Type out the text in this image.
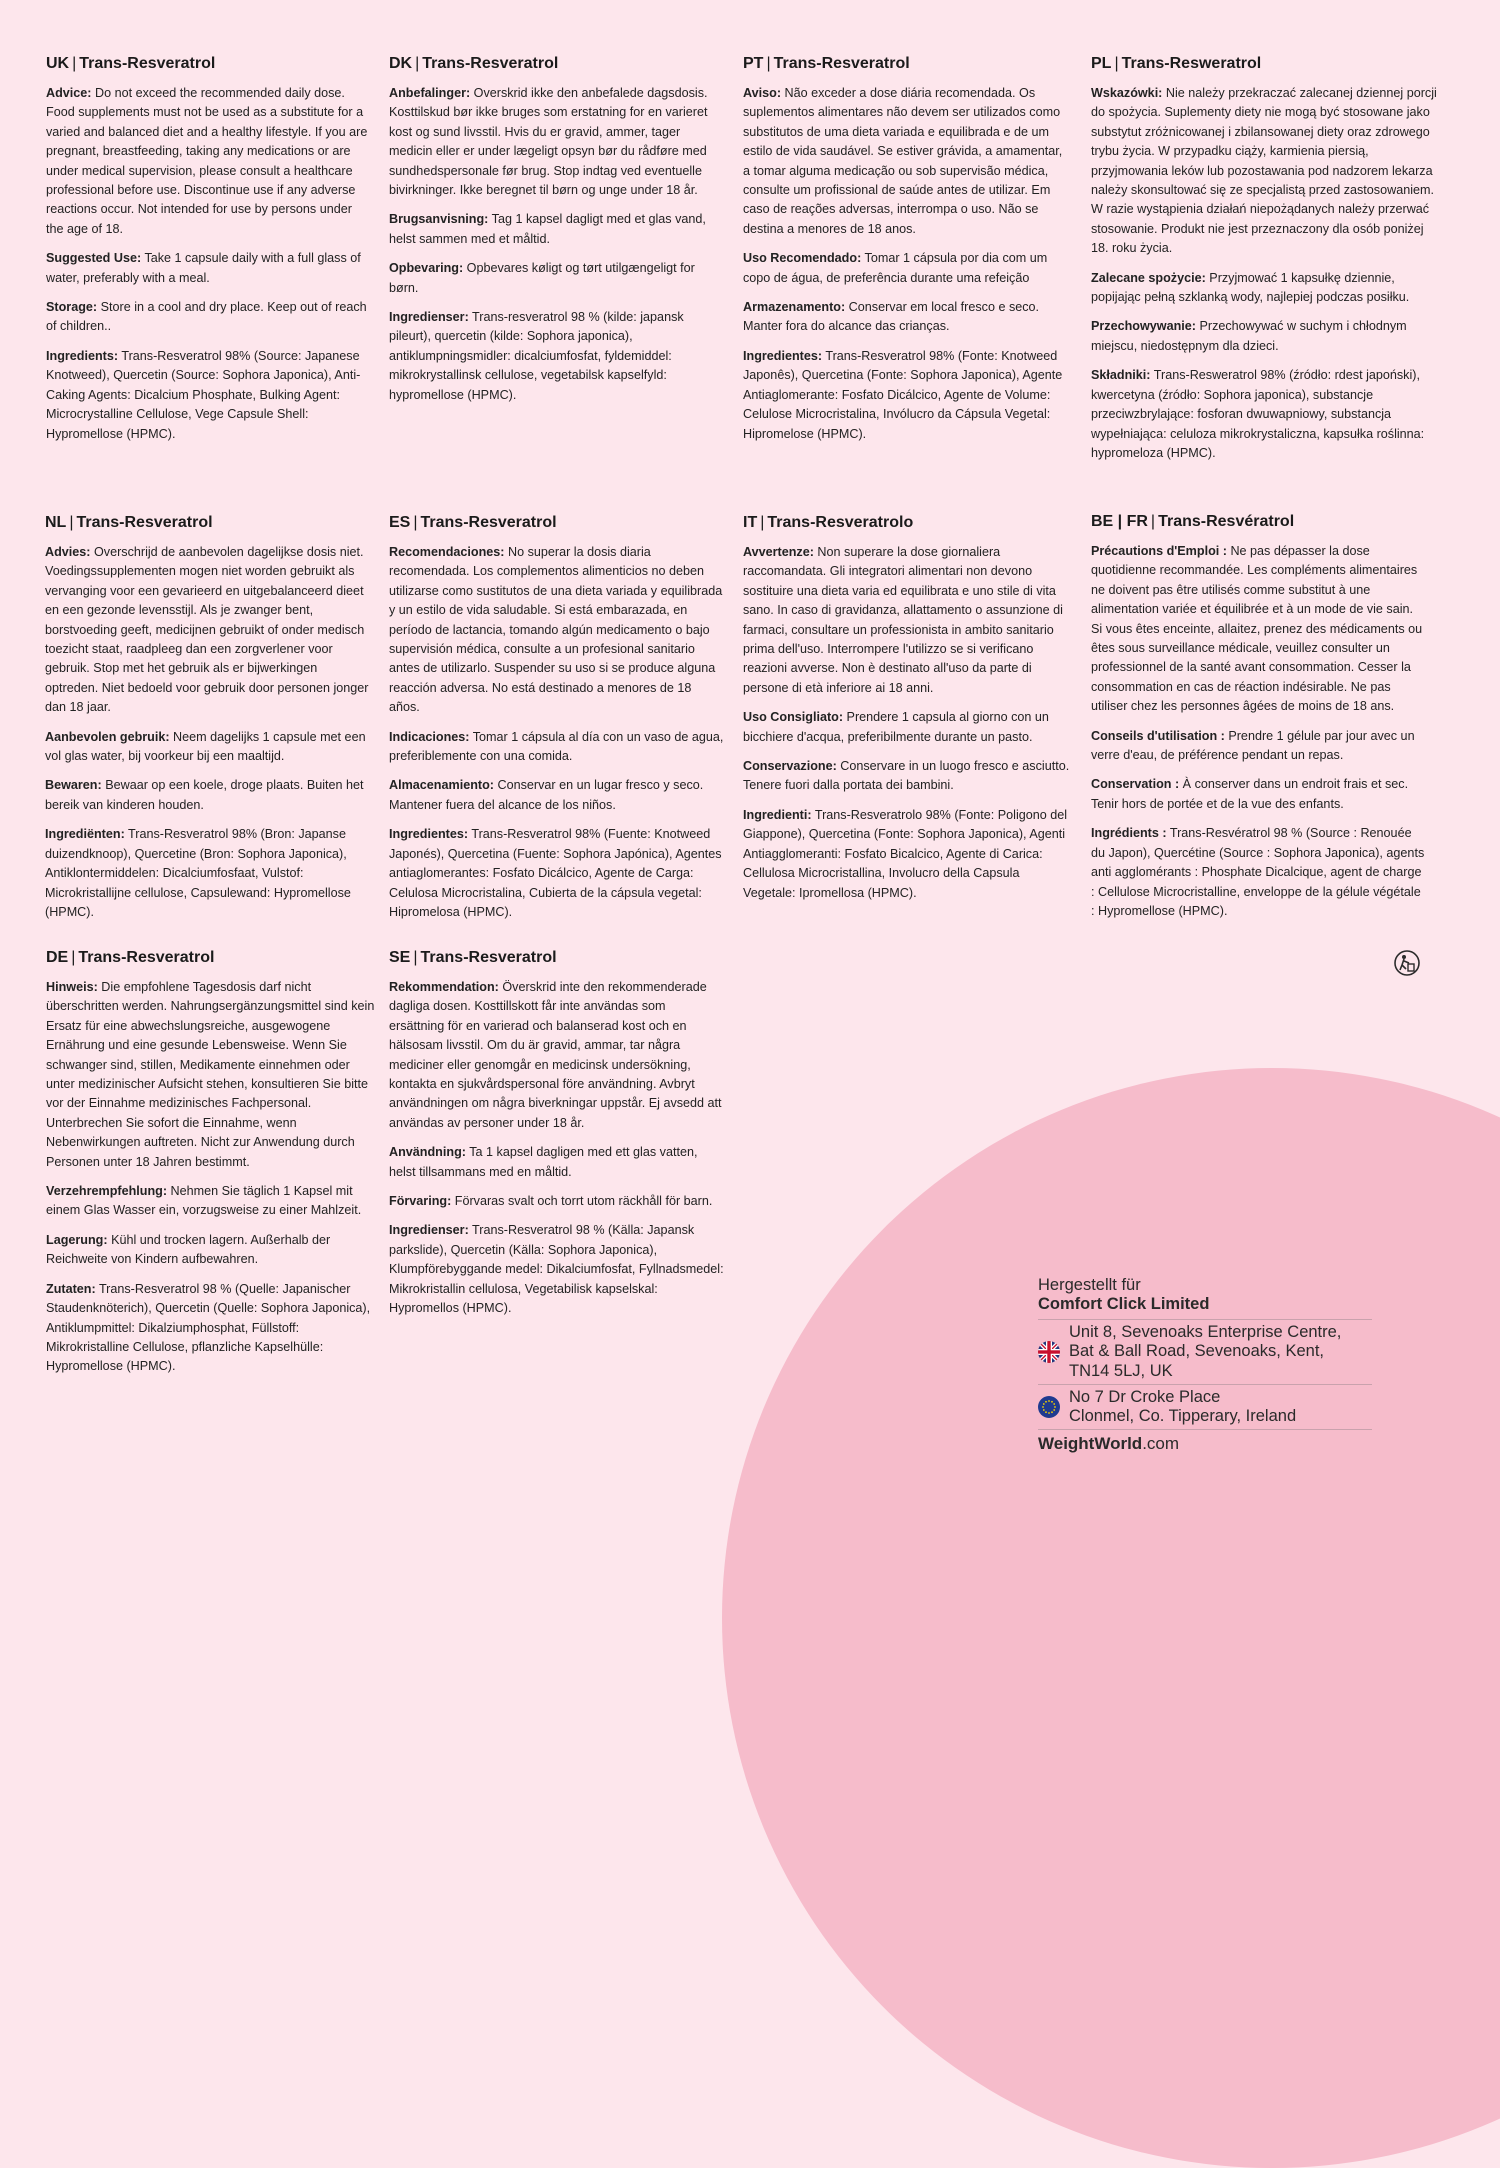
UK | Trans-Resveratrol

Advice: Do not exceed the recommended daily dose. Food supplements must not be used as a substitute for a varied and balanced diet and a healthy lifestyle. If you are pregnant, breastfeeding, taking any medications or are under medical supervision, please consult a healthcare professional before use. Discontinue use if any adverse reactions occur. Not intended for use by persons under the age of 18.

Suggested Use: Take 1 capsule daily with a full glass of water, preferably with a meal.

Storage: Store in a cool and dry place. Keep out of reach of children..

Ingredients: Trans-Resveratrol 98% (Source: Japanese Knotweed), Quercetin (Source: Sophora Japonica), Anti-Caking Agents: Dicalcium Phosphate, Bulking Agent: Microcrystalline Cellulose, Vege Capsule Shell: Hypromellose (HPMC).

DK | Trans-Resveratrol

Anbefalinger: Overskrid ikke den anbefalede dagsdosis. Kosttilskud bør ikke bruges som erstatning for en varieret kost og sund livsstil. Hvis du er gravid, ammer, tager medicin eller er under lægeligt opsyn bør du rådføre med sundhedspersonale før brug. Stop indtag ved eventuelle bivirkninger. Ikke beregnet til børn og unge under 18 år.

Brugsanvisning: Tag 1 kapsel dagligt med et glas vand, helst sammen med et måltid.

Opbevaring: Opbevares køligt og tørt utilgængeligt for børn.

Ingredienser: Trans-resveratrol 98 % (kilde: japansk pileurt), quercetin (kilde: Sophora japonica), antiklumpningsmidler: dicalciumfosfat, fyldemiddel: mikrokrystallinsk cellulose, vegetabilsk kapselfyld: hypromellose (HPMC).

PT | Trans-Resveratrol

Aviso: Não exceder a dose diária recomendada. Os suplementos alimentares não devem ser utilizados como substitutos de uma dieta variada e equilibrada e de um estilo de vida saudável. Se estiver grávida, a amamentar, a tomar alguma medicação ou sob supervisão médica, consulte um profissional de saúde antes de utilizar. Em caso de reações adversas, interrompa o uso. Não se destina a menores de 18 anos.

Uso Recomendado: Tomar 1 cápsula por dia com um copo de água, de preferência durante uma refeição

Armazenamento: Conservar em local fresco e seco. Manter fora do alcance das crianças.

Ingredientes: Trans-Resveratrol 98% (Fonte: Knotweed Japonês), Quercetina (Fonte: Sophora Japonica), Agente Antiaglomerante: Fosfato Dicálcico, Agente de Volume: Celulose Microcristalina, Invólucro da Cápsula Vegetal: Hipromelose (HPMC).

PL | Trans-Resweratrol

Wskazówki: Nie należy przekraczać zalecanej dziennej porcji do spożycia. Suplementy diety nie mogą być stosowane jako substytut zróżnicowanej i zbilansowanej diety oraz zdrowego trybu życia. W przypadku ciąży, karmienia piersią, przyjmowania leków lub pozostawania pod nadzorem lekarza należy skonsultować się ze specjalistą przed zastosowaniem. W razie wystąpienia działań niepożądanych należy przerwać stosowanie. Produkt nie jest przeznaczony dla osób poniżej 18. roku życia.

Zalecane spożycie: Przyjmować 1 kapsułkę dziennie, popijając pełną szklanką wody, najlepiej podczas posiłku.

Przechowywanie: Przechowywać w suchym i chłodnym miejscu, niedostępnym dla dzieci.

Składniki: Trans-Resweratrol 98% (źródło: rdest japoński), kwercetyna (źródło: Sophora japonica), substancje przeciwzbrylające: fosforan dwuwapniowy, substancja wypełniająca: celuloza mikrokrystaliczna, kapsułka roślinna: hypromeloza (HPMC).

NL | Trans-Resveratrol

Advies: Overschrijd de aanbevolen dagelijkse dosis niet. Voedingssupplementen mogen niet worden gebruikt als vervanging voor een gevarieerd en uitgebalanceerd dieet en een gezonde levensstijl. Als je zwanger bent, borstvoeding geeft, medicijnen gebruikt of onder medisch toezicht staat, raadpleeg dan een zorgverlener voor gebruik. Stop met het gebruik als er bijwerkingen optreden. Niet bedoeld voor gebruik door personen jonger dan 18 jaar.

Aanbevolen gebruik: Neem dagelijks 1 capsule met een vol glas water, bij voorkeur bij een maaltijd.

Bewaren: Bewaar op een koele, droge plaats. Buiten het bereik van kinderen houden.

Ingrediënten: Trans-Resveratrol 98% (Bron: Japanse duizendknoop), Quercetine (Bron: Sophora Japonica), Antiklontermiddelen: Dicalciumfosfaat, Vulstof: Microkristallijne cellulose, Capsulewand: Hypromellose (HPMC).

ES | Trans-Resveratrol

Recomendaciones: No superar la dosis diaria recomendada. Los complementos alimenticios no deben utilizarse como sustitutos de una dieta variada y equilibrada y un estilo de vida saludable. Si está embarazada, en período de lactancia, tomando algún medicamento o bajo supervisión médica, consulte a un profesional sanitario antes de utilizarlo. Suspender su uso si se produce alguna reacción adversa. No está destinado a menores de 18 años.

Indicaciones: Tomar 1 cápsula al día con un vaso de agua, preferiblemente con una comida.

Almacenamiento: Conservar en un lugar fresco y seco. Mantener fuera del alcance de los niños.

Ingredientes: Trans-Resveratrol 98% (Fuente: Knotweed Japonés), Quercetina (Fuente: Sophora Japónica), Agentes antiaglomerantes: Fosfato Dicálcico, Agente de Carga: Celulosa Microcristalina, Cubierta de la cápsula vegetal: Hipromelosa (HPMC).

IT | Trans-Resveratrolo

Avvertenze: Non superare la dose giornaliera raccomandata. Gli integratori alimentari non devono sostituire una dieta varia ed equilibrata e uno stile di vita sano. In caso di gravidanza, allattamento o assunzione di farmaci, consultare un professionista in ambito sanitario prima dell'uso. Interrompere l'utilizzo se si verificano reazioni avverse. Non è destinato all'uso da parte di persone di età inferiore ai 18 anni.

Uso Consigliato: Prendere 1 capsula al giorno con un bicchiere d'acqua, preferibilmente durante un pasto.

Conservazione: Conservare in un luogo fresco e asciutto. Tenere fuori dalla portata dei bambini.

Ingredienti: Trans-Resveratrolo 98% (Fonte: Poligono del Giappone), Quercetina (Fonte: Sophora Japonica), Agenti Antiagglomeranti: Fosfato Bicalcico, Agente di Carica: Cellulosa Microcristallina, Involucro della Capsula Vegetale: Ipromellosa (HPMC).

BE | FR | Trans-Resvératrol

Précautions d'Emploi : Ne pas dépasser la dose quotidienne recommandée. Les compléments alimentaires ne doivent pas être utilisés comme substitut à une alimentation variée et équilibrée et à un mode de vie sain. Si vous êtes enceinte, allaitez, prenez des médicaments ou êtes sous surveillance médicale, veuillez consulter un professionnel de la santé avant consommation. Cesser la consommation en cas de réaction indésirable. Ne pas utiliser chez les personnes âgées de moins de 18 ans.

Conseils d'utilisation : Prendre 1 gélule par jour avec un verre d'eau, de préférence pendant un repas.

Conservation : À conserver dans un endroit frais et sec. Tenir hors de portée et de la vue des enfants.

Ingrédients : Trans-Resvératrol 98 % (Source : Renouée du Japon), Quercétine (Source : Sophora Japonica), agents anti agglomérants : Phosphate Dicalcique, agent de charge : Cellulose Microcristalline, enveloppe de la gélule végétale : Hypromellose (HPMC).

DE | Trans-Resveratrol

Hinweis: Die empfohlene Tagesdosis darf nicht überschritten werden. Nahrungsergänzungsmittel sind kein Ersatz für eine abwechslungsreiche, ausgewogene Ernährung und eine gesunde Lebensweise. Wenn Sie schwanger sind, stillen, Medikamente einnehmen oder unter medizinischer Aufsicht stehen, konsultieren Sie bitte vor der Einnahme medizinisches Fachpersonal. Unterbrechen Sie sofort die Einnahme, wenn Nebenwirkungen auftreten. Nicht zur Anwendung durch Personen unter 18 Jahren bestimmt.

Verzehrempfehlung: Nehmen Sie täglich 1 Kapsel mit einem Glas Wasser ein, vorzugsweise zu einer Mahlzeit.

Lagerung: Kühl und trocken lagern. Außerhalb der Reichweite von Kindern aufbewahren.

Zutaten: Trans-Resveratrol 98 % (Quelle: Japanischer Staudenknöterich), Quercetin (Quelle: Sophora Japonica), Antiklumpmittel: Dikalziumphosphat, Füllstoff: Mikrokristalline Cellulose, pflanzliche Kapselhülle: Hypromellose (HPMC).

SE | Trans-Resveratrol

Rekommendation: Överskrid inte den rekommenderade dagliga dosen. Kosttillskott får inte användas som ersättning för en varierad och balanserad kost och en hälsosam livsstil. Om du är gravid, ammar, tar några mediciner eller genomgår en medicinsk undersökning, kontakta en sjukvårdspersonal före användning. Avbryt användningen om några biverkningar uppstår. Ej avsedd att användas av personer under 18 år.

Användning: Ta 1 kapsel dagligen med ett glas vatten, helst tillsammans med en måltid.

Förvaring: Förvaras svalt och torrt utom räckhåll för barn.

Ingredienser: Trans-Resveratrol 98 % (Källa: Japansk parkslide), Quercetin (Källa: Sophora Japonica), Klumpförebyggande medel: Dikalciumfosfat, Fyllnadsmedel: Mikrokristallin cellulosa, Vegetabilisk kapselskal: Hypromellos (HPMC).

Hergestellt für

Comfort Click Limited

Unit 8, Sevenoaks Enterprise Centre,
Bat & Ball Road, Sevenoaks, Kent,
TN14 5LJ, UK
No 7 Dr Croke Place
Clonmel, Co. Tipperary, Ireland
WeightWorld.com
